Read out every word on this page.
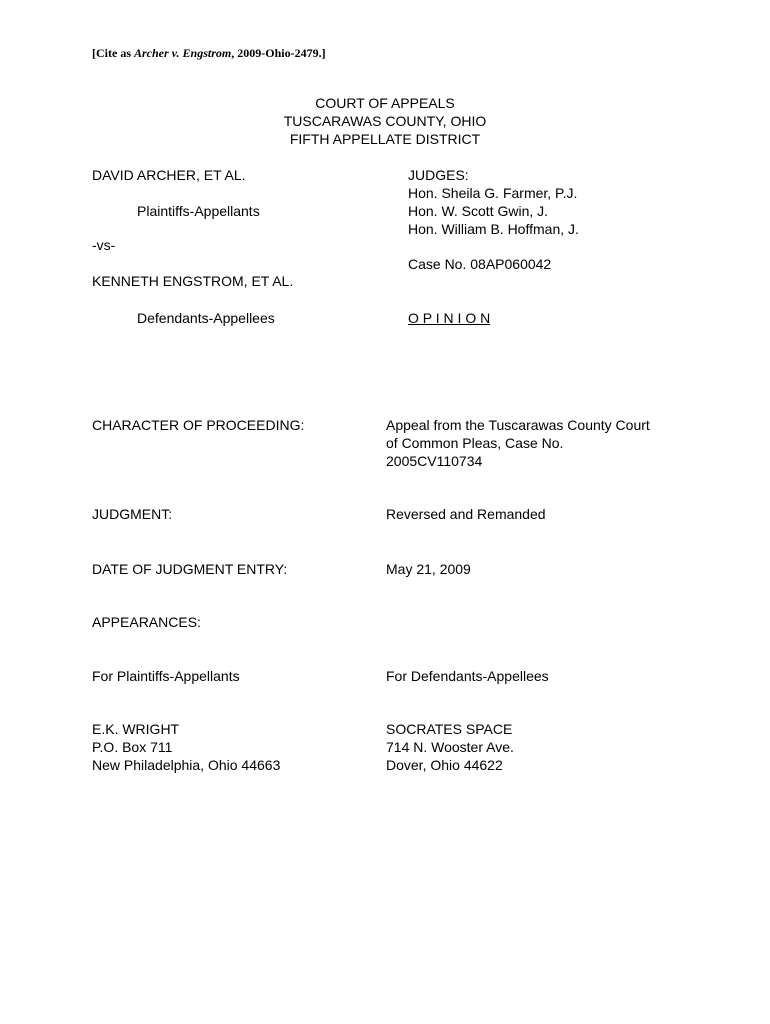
[Cite as Archer v. Engstrom, 2009-Ohio-2479.]
COURT OF APPEALS
TUSCARAWAS COUNTY, OHIO
FIFTH APPELLATE DISTRICT
DAVID ARCHER, ET AL.
Plaintiffs-Appellants
-vs-
KENNETH ENGSTROM, ET AL.
Defendants-Appellees
JUDGES:
Hon. Sheila G. Farmer, P.J.
Hon. W. Scott Gwin, J.
Hon. William B. Hoffman, J.
Case No. 08AP060042
O P I N I O N
CHARACTER OF PROCEEDING:	Appeal from the Tuscarawas County Court
of Common Pleas, Case No.
2005CV110734
JUDGMENT:	Reversed and Remanded
DATE OF JUDGMENT ENTRY:	May 21, 2009
APPEARANCES:
For Plaintiffs-Appellants	For Defendants-Appellees
E.K. WRIGHT
P.O. Box 711
New Philadelphia, Ohio 44663
SOCRATES SPACE
714 N. Wooster Ave.
Dover, Ohio 44622
